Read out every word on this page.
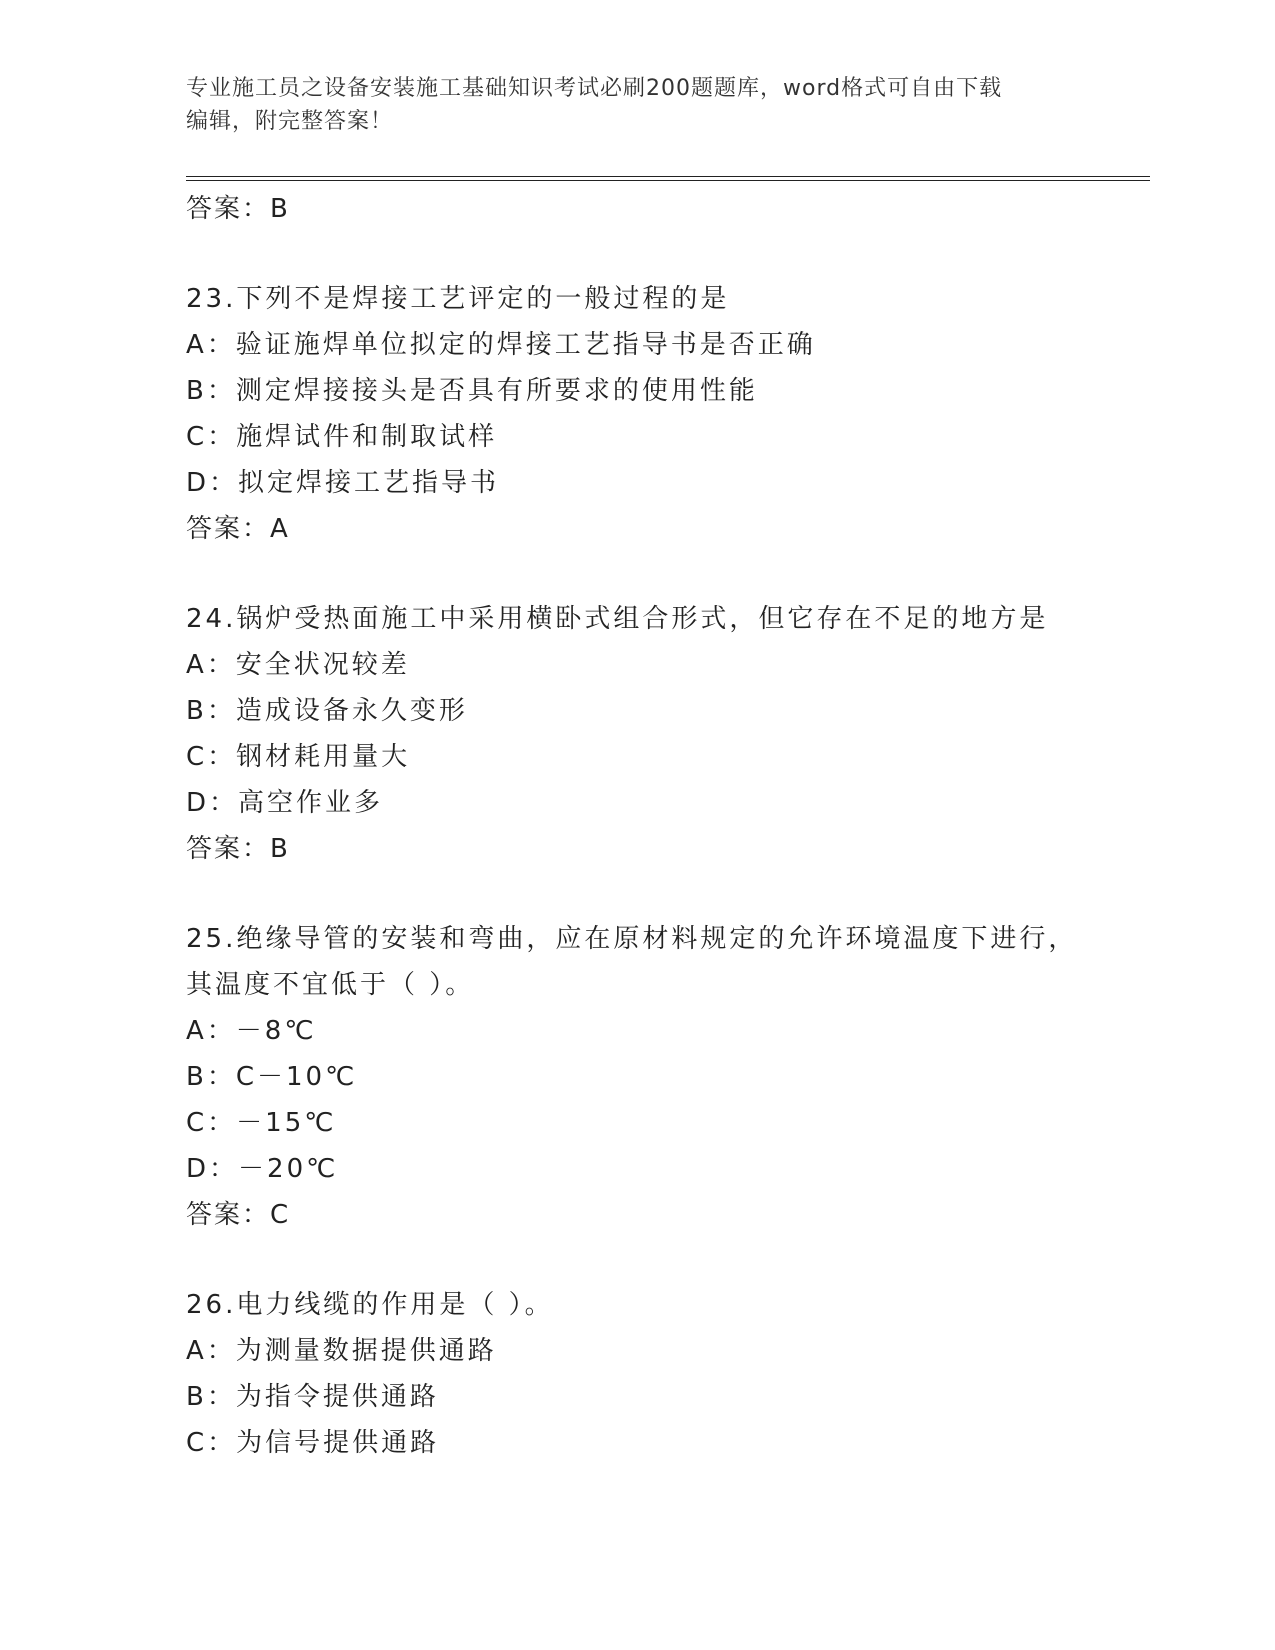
专业施工员之设备安装施工基础知识考试必刷200题题库，word格式可自由下载
编辑，附完整答案！
答案：B
23.下列不是焊接工艺评定的一般过程的是
A：验证施焊单位拟定的焊接工艺指导书是否正确
B：测定焊接接头是否具有所要求的使用性能
C：施焊试件和制取试样
D：拟定焊接工艺指导书
答案：A
24.锅炉受热面施工中采用横卧式组合形式，但它存在不足的地方是
A：安全状况较差
B：造成设备永久变形
C：钢材耗用量大
D：高空作业多
答案：B
25.绝缘导管的安装和弯曲，应在原材料规定的允许环境温度下进行，
其温度不宜低于（ ）。
A：－8℃
B：C－10℃
C：－15℃
D：－20℃
答案：C
26.电力线缆的作用是（ ）。
A：为测量数据提供通路
B：为指令提供通路
C：为信号提供通路
